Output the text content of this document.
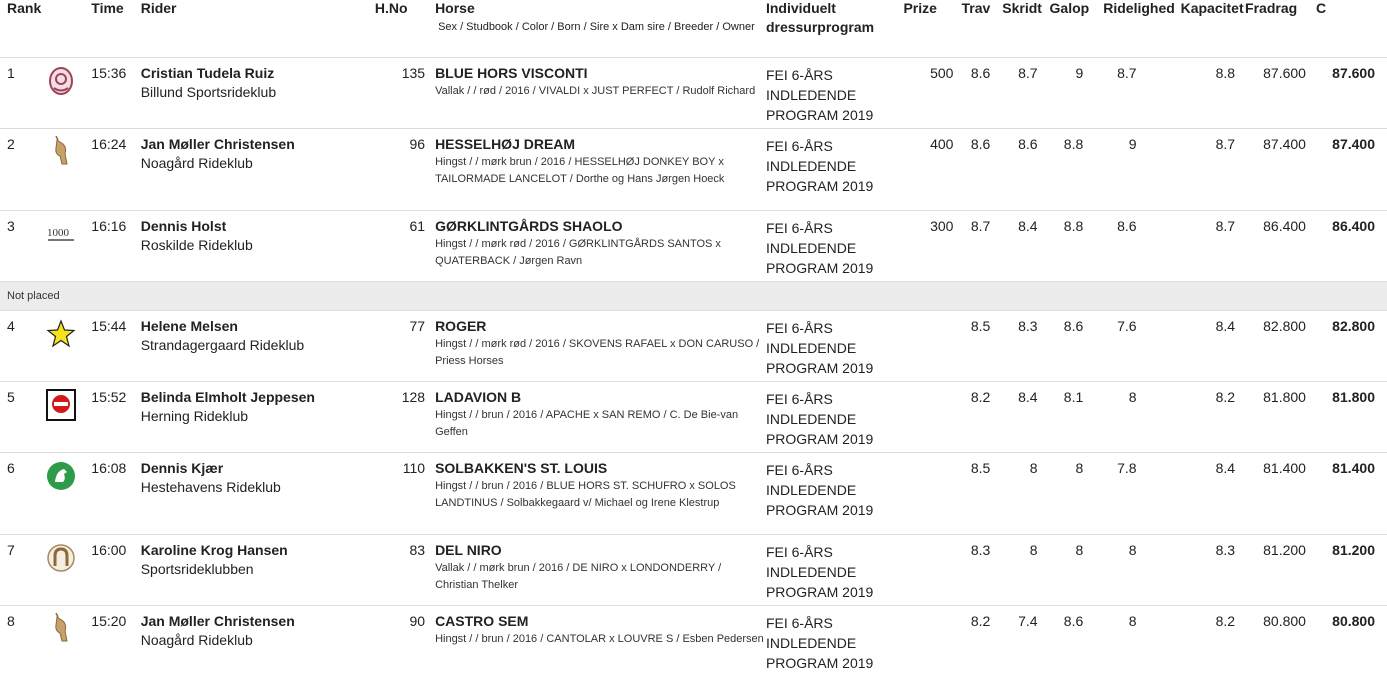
Rank		Time	Rider	H.No	Horse
Sex / Studbook / Color / Born / Sire x Dam sire / Breeder / Owner	Individuelt
dressurprogram	Prize	Trav	Skridt	Galop	Ridelighed	Kapacitet	Fradrag	C
1		15:36	Cristian Tudela Ruiz
Billund Sportsrideklub	135	BLUE HORS VISCONTI
Vallak / / rød / 2016 / VIVALDI x JUST PERFECT / Rudolf Richard	FEI 6-ÅRS
INDLEDENDE
PROGRAM 2019	500	8.6	8.7	9	8.7	8.8	87.600	87.600
2		16:24	Jan Møller Christensen
Noagård Rideklub	96	HESSELHØJ DREAM
Hingst / / mørk brun / 2016 / HESSELHØJ DONKEY BOY x TAILORMADE LANCELOT / Dorthe og Hans Jørgen Hoeck	FEI 6-ÅRS
INDLEDENDE
PROGRAM 2019	400	8.6	8.6	8.8	9	8.7	87.400	87.400
3	1000	16:16	Dennis Holst
Roskilde Rideklub	61	GØRKLINTGÅRDS SHAOLO
Hingst / / mørk rød / 2016 / GØRKLINTGÅRDS SANTOS x QUATERBACK / Jørgen Ravn	FEI 6-ÅRS
INDLEDENDE
PROGRAM 2019	300	8.7	8.4	8.8	8.6	8.7	86.400	86.400
Not placed														
4		15:44	Helene Melsen
Strandagergaard Rideklub	77	ROGER
Hingst / / mørk rød / 2016 / SKOVENS RAFAEL x DON CARUSO / Priess Horses	FEI 6-ÅRS
INDLEDENDE
PROGRAM 2019		8.5	8.3	8.6	7.6	8.4	82.800	82.800
5		15:52	Belinda Elmholt Jeppesen
Herning Rideklub	128	LADAVION B
Hingst / / brun / 2016 / APACHE x SAN REMO / C. De Bie-van Geffen	FEI 6-ÅRS
INDLEDENDE
PROGRAM 2019		8.2	8.4	8.1	8	8.2	81.800	81.800
6		16:08	Dennis Kjær
Hestehavens Rideklub	110	SOLBAKKEN'S ST. LOUIS
Hingst / / brun / 2016 / BLUE HORS ST. SCHUFRO x SOLOS LANDTINUS / Solbakkegaard v/ Michael og Irene Klestrup	FEI 6-ÅRS
INDLEDENDE
PROGRAM 2019		8.5	8	8	7.8	8.4	81.400	81.400
7		16:00	Karoline Krog Hansen
Sportsrideklubben	83	DEL NIRO
Vallak / / mørk brun / 2016 / DE NIRO x LONDONDERRY / Christian Thelker	FEI 6-ÅRS
INDLEDENDE
PROGRAM 2019		8.3	8	8	8	8.3	81.200	81.200
8		15:20	Jan Møller Christensen
Noagård Rideklub	90	CASTRO SEM
Hingst / / brun / 2016 / CANTOLAR x LOUVRE S / Esben Pedersen	FEI 6-ÅRS
INDLEDENDE
PROGRAM 2019		8.2	7.4	8.6	8	8.2	80.800	80.800
